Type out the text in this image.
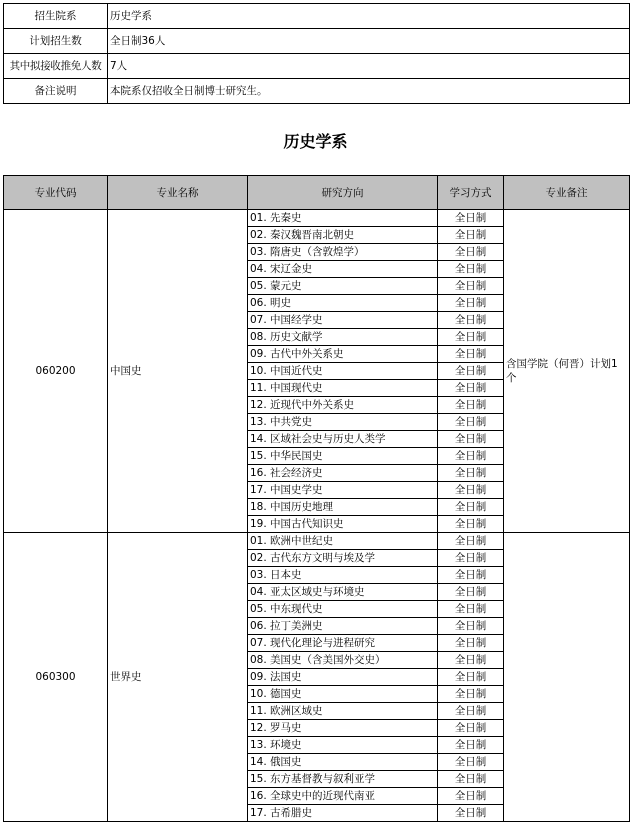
招生院系	历史学系
计划招生数	全日制36人
其中拟接收推免人数	7人
备注说明	本院系仅招收全日制博士研究生。
历史学系
专业代码	专业名称	研究方向	学习方式	专业备注
060200	中国史	01. 先秦史	全日制	含国学院（何晋）计划1个
		02. 秦汉魏晋南北朝史	全日制	
		03. 隋唐史（含敦煌学）	全日制	
		04. 宋辽金史	全日制	
		05. 蒙元史	全日制	
		06. 明史	全日制	
		07. 中国经学史	全日制	
		08. 历史文献学	全日制	
		09. 古代中外关系史	全日制	
		10. 中国近代史	全日制	
		11. 中国现代史	全日制	
		12. 近现代中外关系史	全日制	
		13. 中共党史	全日制	
		14. 区域社会史与历史人类学	全日制	
		15. 中华民国史	全日制	
		16. 社会经济史	全日制	
		17. 中国史学史	全日制	
		18. 中国历史地理	全日制	
		19. 中国古代知识史	全日制	
060300	世界史	01. 欧洲中世纪史	全日制	
		02. 古代东方文明与埃及学	全日制	
		03. 日本史	全日制	
		04. 亚太区域史与环境史	全日制	
		05. 中东现代史	全日制	
		06. 拉丁美洲史	全日制	
		07. 现代化理论与进程研究	全日制	
		08. 美国史（含美国外交史）	全日制	
		09. 法国史	全日制	
		10. 德国史	全日制	
		11. 欧洲区域史	全日制	
		12. 罗马史	全日制	
		13. 环境史	全日制	
		14. 俄国史	全日制	
		15. 东方基督教与叙利亚学	全日制	
		16. 全球史中的近现代南亚	全日制	
		17. 古希腊史	全日制	
